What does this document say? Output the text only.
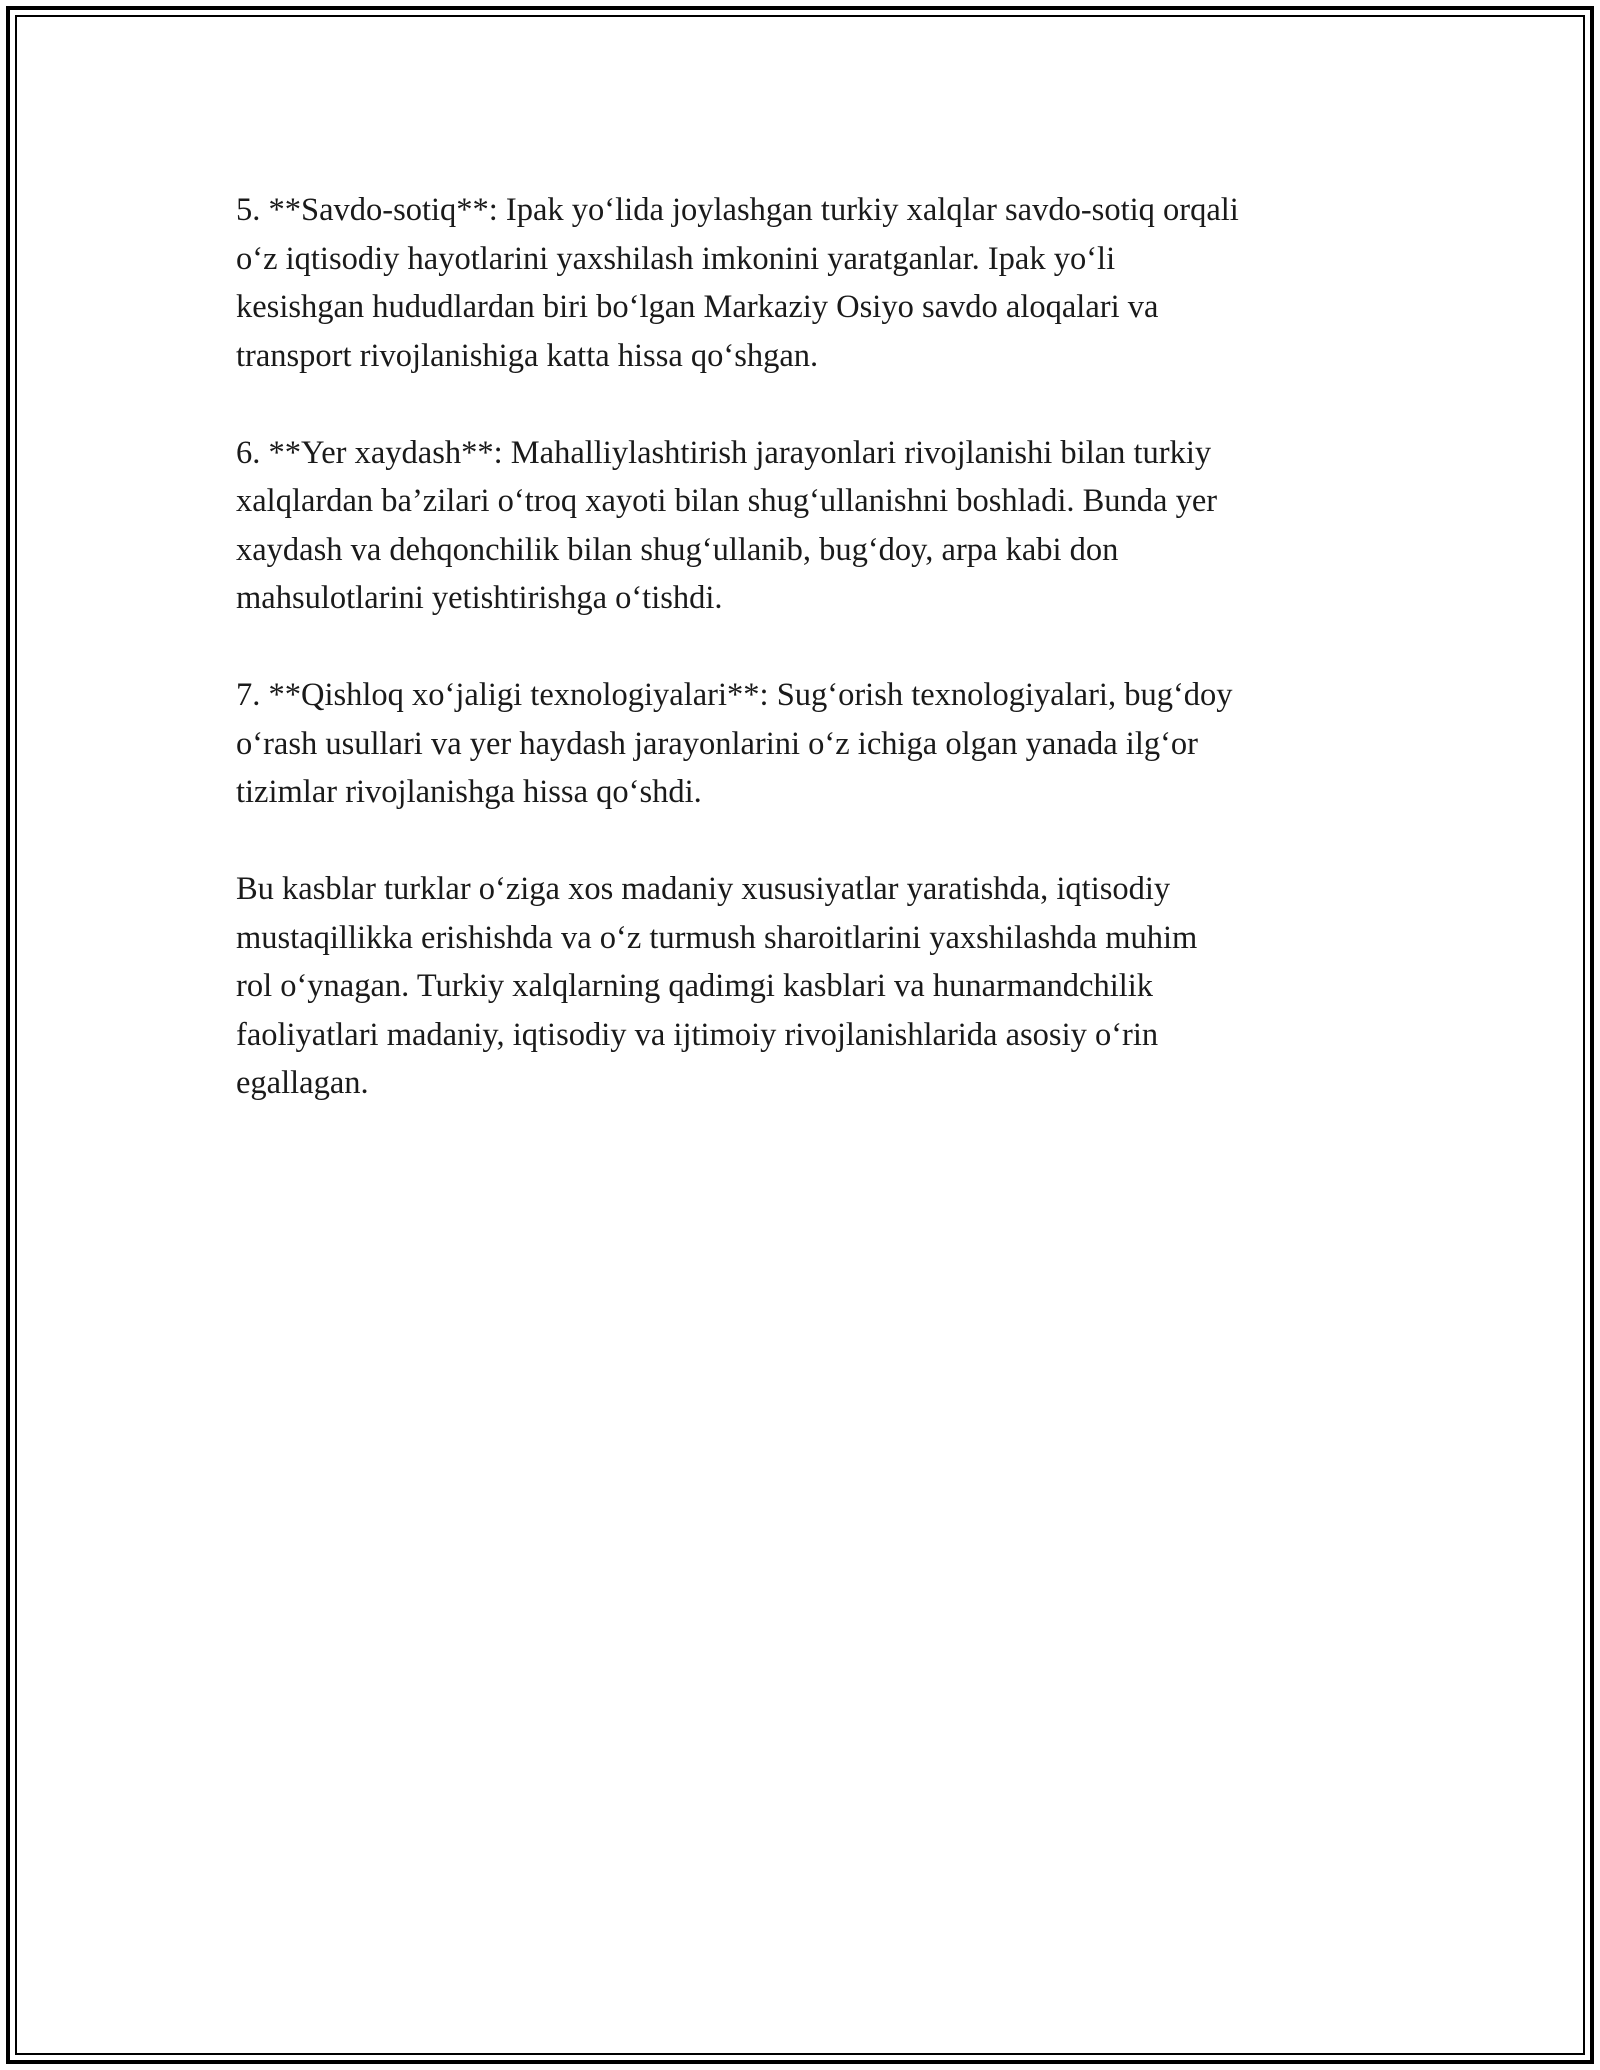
5. **Savdo-sotiq**: Ipak yo‘lida joylashgan turkiy xalqlar savdo-sotiq orqali
o‘z iqtisodiy hayotlarini yaxshilash imkonini yaratganlar. Ipak yo‘li
kesishgan hududlardan biri bo‘lgan Markaziy Osiyo savdo aloqalari va
transport rivojlanishiga katta hissa qo‘shgan.

6. **Yer xaydash**: Mahalliylashtirish jarayonlari rivojlanishi bilan turkiy
xalqlardan ba’zilari o‘troq xayoti bilan shug‘ullanishni boshladi. Bunda yer
xaydash va dehqonchilik bilan shug‘ullanib, bug‘doy, arpa kabi don
mahsulotlarini yetishtirishga o‘tishdi.

7. **Qishloq xo‘jaligi texnologiyalari**: Sug‘orish texnologiyalari, bug‘doy
o‘rash usullari va yer haydash jarayonlarini o‘z ichiga olgan yanada ilg‘or
tizimlar rivojlanishga hissa qo‘shdi.

Bu kasblar turklar o‘ziga xos madaniy xususiyatlar yaratishda, iqtisodiy
mustaqillikka erishishda va o‘z turmush sharoitlarini yaxshilashda muhim
rol o‘ynagan. Turkiy xalqlarning qadimgi kasblari va hunarmandchilik
faoliyatlari madaniy, iqtisodiy va ijtimoiy rivojlanishlarida asosiy o‘rin
egallagan.
